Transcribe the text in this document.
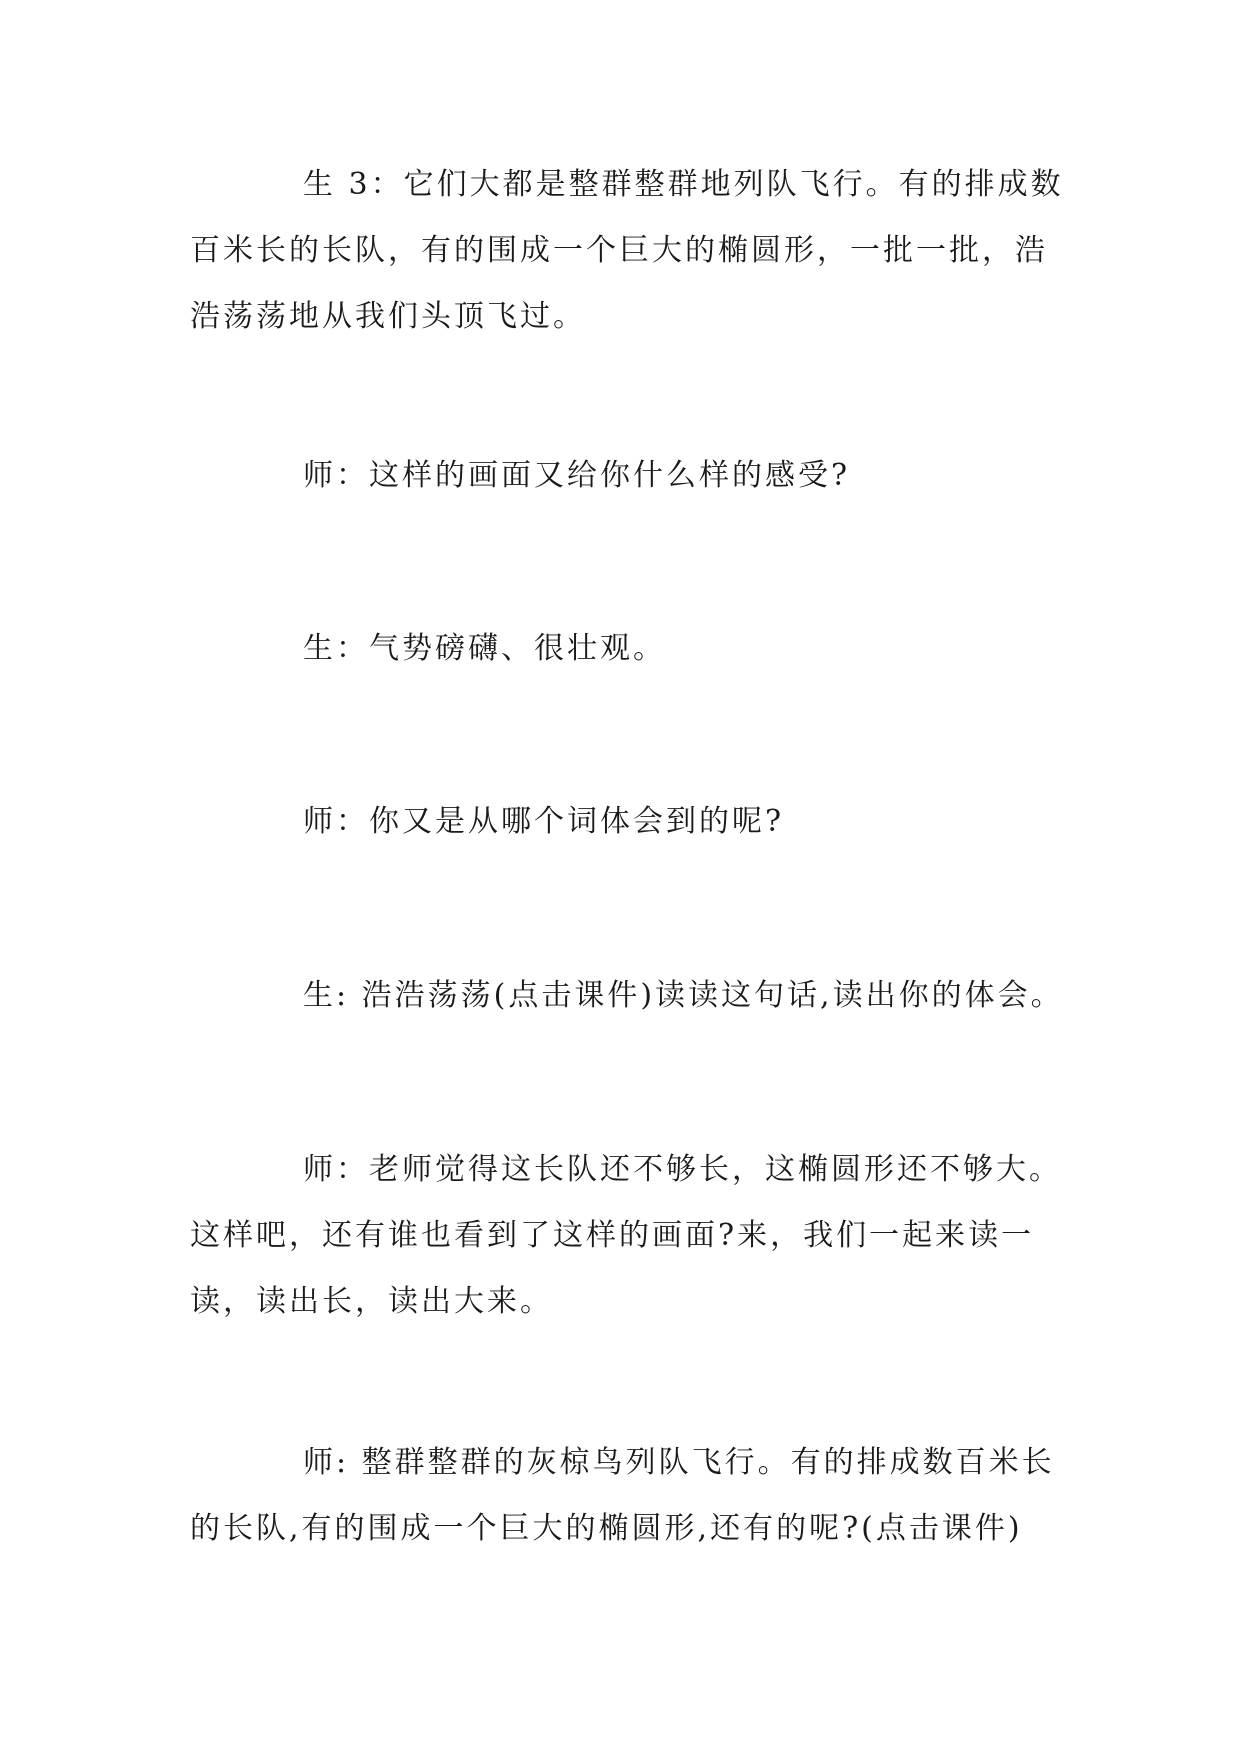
生 3：它们大都是整群整群地列队飞行。有的排成数百米长的长队，有的围成一个巨大的椭圆形，一批一批，浩浩荡荡地从我们头顶飞过。

师：这样的画面又给你什么样的感受?

生：气势磅礴、很壮观。

师：你又是从哪个词体会到的呢?

生: 浩浩荡荡(点击课件)读读这句话,读出你的体会。

师：老师觉得这长队还不够长，这椭圆形还不够大。这样吧，还有谁也看到了这样的画面?来，我们一起来读一读，读出长，读出大来。

师: 整群整群的灰椋鸟列队飞行。有的排成数百米长的长队,有的围成一个巨大的椭圆形,还有的呢?(点击课件)
